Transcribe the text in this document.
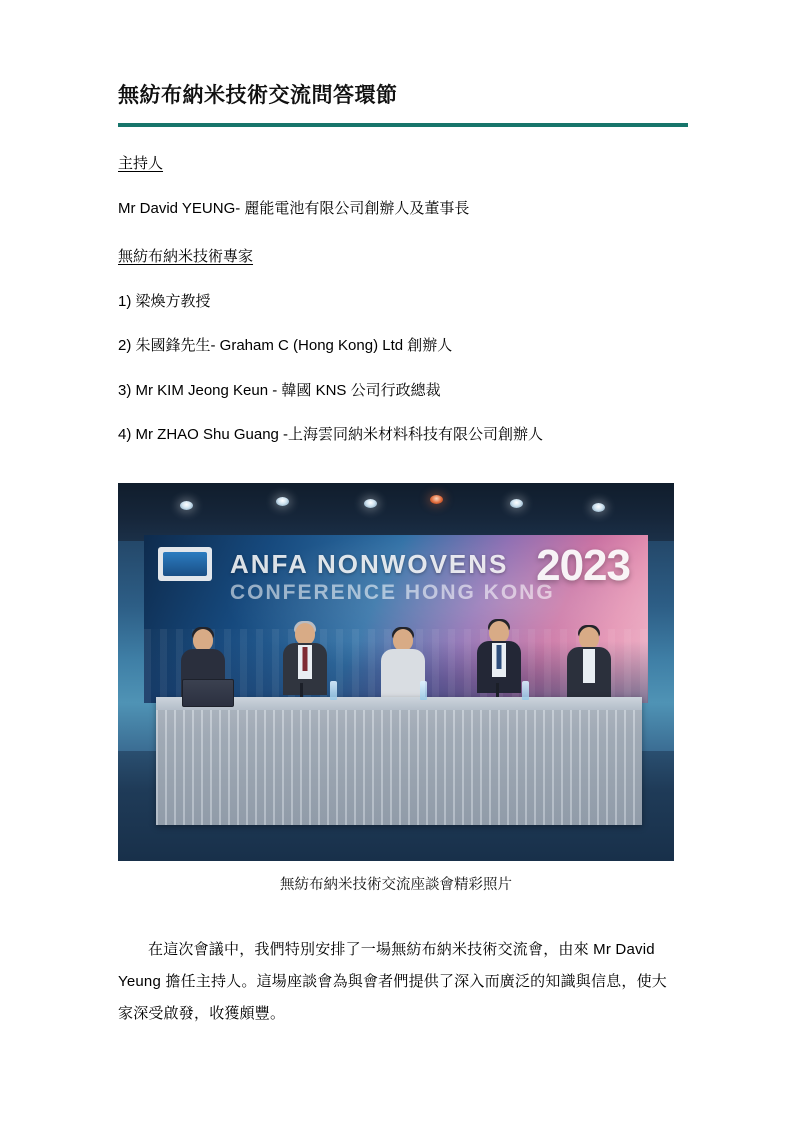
無紡布納米技術交流問答環節
主持人
Mr David YEUNG- 麗能電池有限公司創辦人及董事長
無紡布納米技術專家
1) 梁煥方教授
2) 朱國鋒先生- Graham C (Hong Kong) Ltd 創辦人
3) Mr KIM Jeong Keun - 韓國 KNS 公司行政總裁
4) Mr ZHAO Shu Guang -上海雲同納米材料科技有限公司創辦人
ANFA NONWOVENS
CONFERENCE HONG KONG
2023
無紡布納米技術交流座談會精彩照片

在這次會議中，我們特別安排了一場無紡布納米技術交流會，由來 Mr David Yeung 擔任主持人。這場座談會為與會者們提供了深入而廣泛的知識與信息，使大家深受啟發，收獲頗豐。
